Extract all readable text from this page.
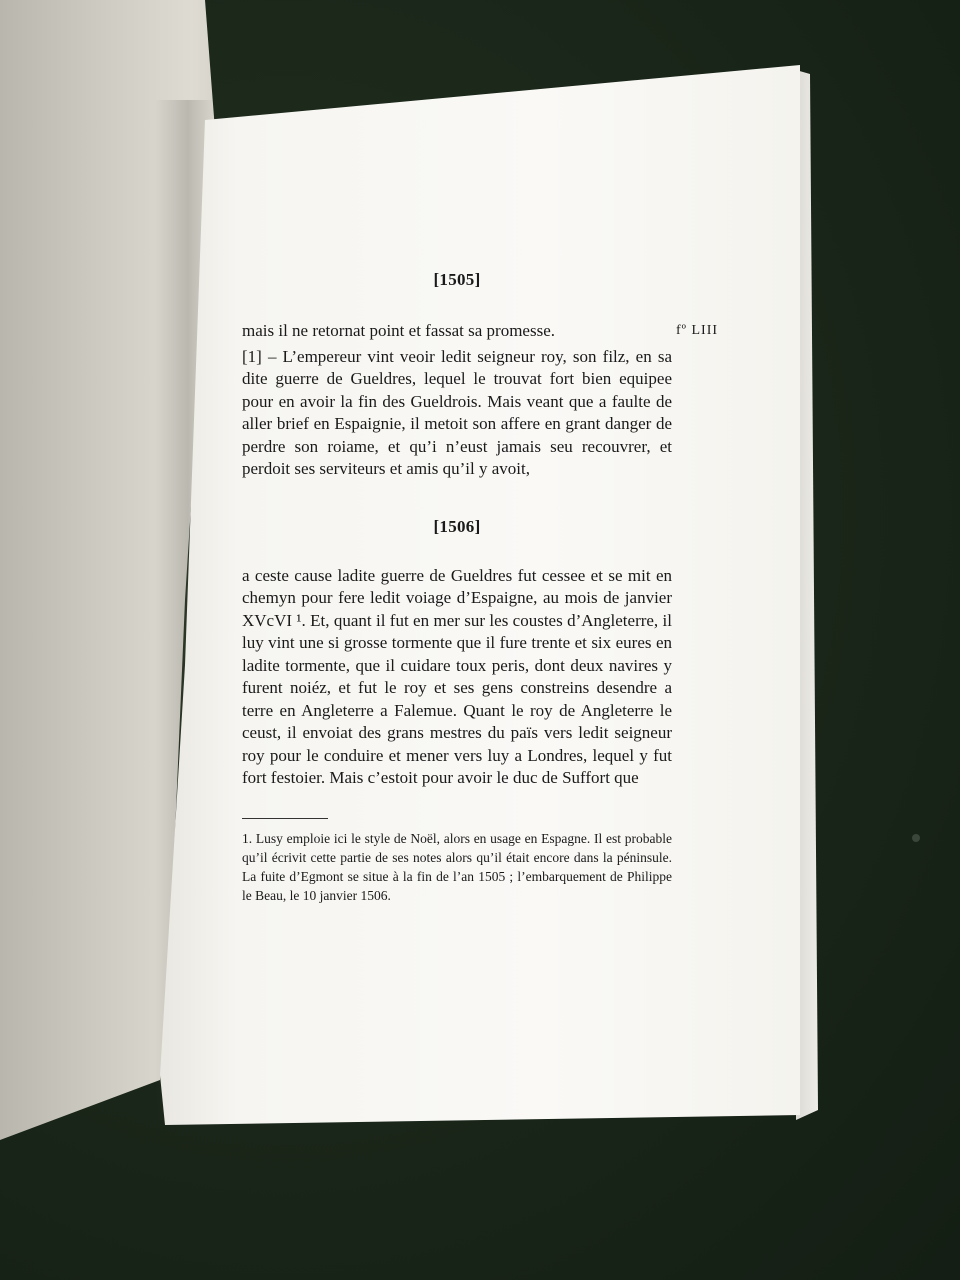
fº LIII
[1505]

mais il ne retornat point et fassat sa promesse.

[1] – L’empereur vint veoir ledit seigneur roy, son filz, en sa dite guerre de Gueldres, lequel le trouvat fort bien equipee pour en avoir la fin des Gueldrois. Mais veant que a faulte de aller brief en Espaignie, il metoit son affere en grant danger de perdre son roiame, et qu’i n’eust jamais seu recouvrer, et perdoit ses serviteurs et amis qu’il y avoit,

[1506]

a ceste cause ladite guerre de Gueldres fut cessee et se mit en chemyn pour fere ledit voiage d’Espaigne, au mois de janvier XVcVI ¹. Et, quant il fut en mer sur les coustes d’Angleterre, il luy vint une si grosse tormente que il fure trente et six eures en ladite tormente, que il cuidare toux peris, dont deux navires y furent noiéz, et fut le roy et ses gens constreins desendre a terre en Angleterre a Falemue. Quant le roy de Angleterre le ceust, il envoiat des grans mestres du païs vers ledit seigneur roy pour le conduire et mener vers luy a Londres, lequel y fut fort festoier. Mais c’estoit pour avoir le duc de Suffort que

1. Lusy emploie ici le style de Noël, alors en usage en Espagne. Il est probable qu’il écrivit cette partie de ses notes alors qu’il était encore dans la péninsule. La fuite d’Egmont se situe à la fin de l’an 1505 ; l’embarquement de Philippe le Beau, le 10 janvier 1506.
